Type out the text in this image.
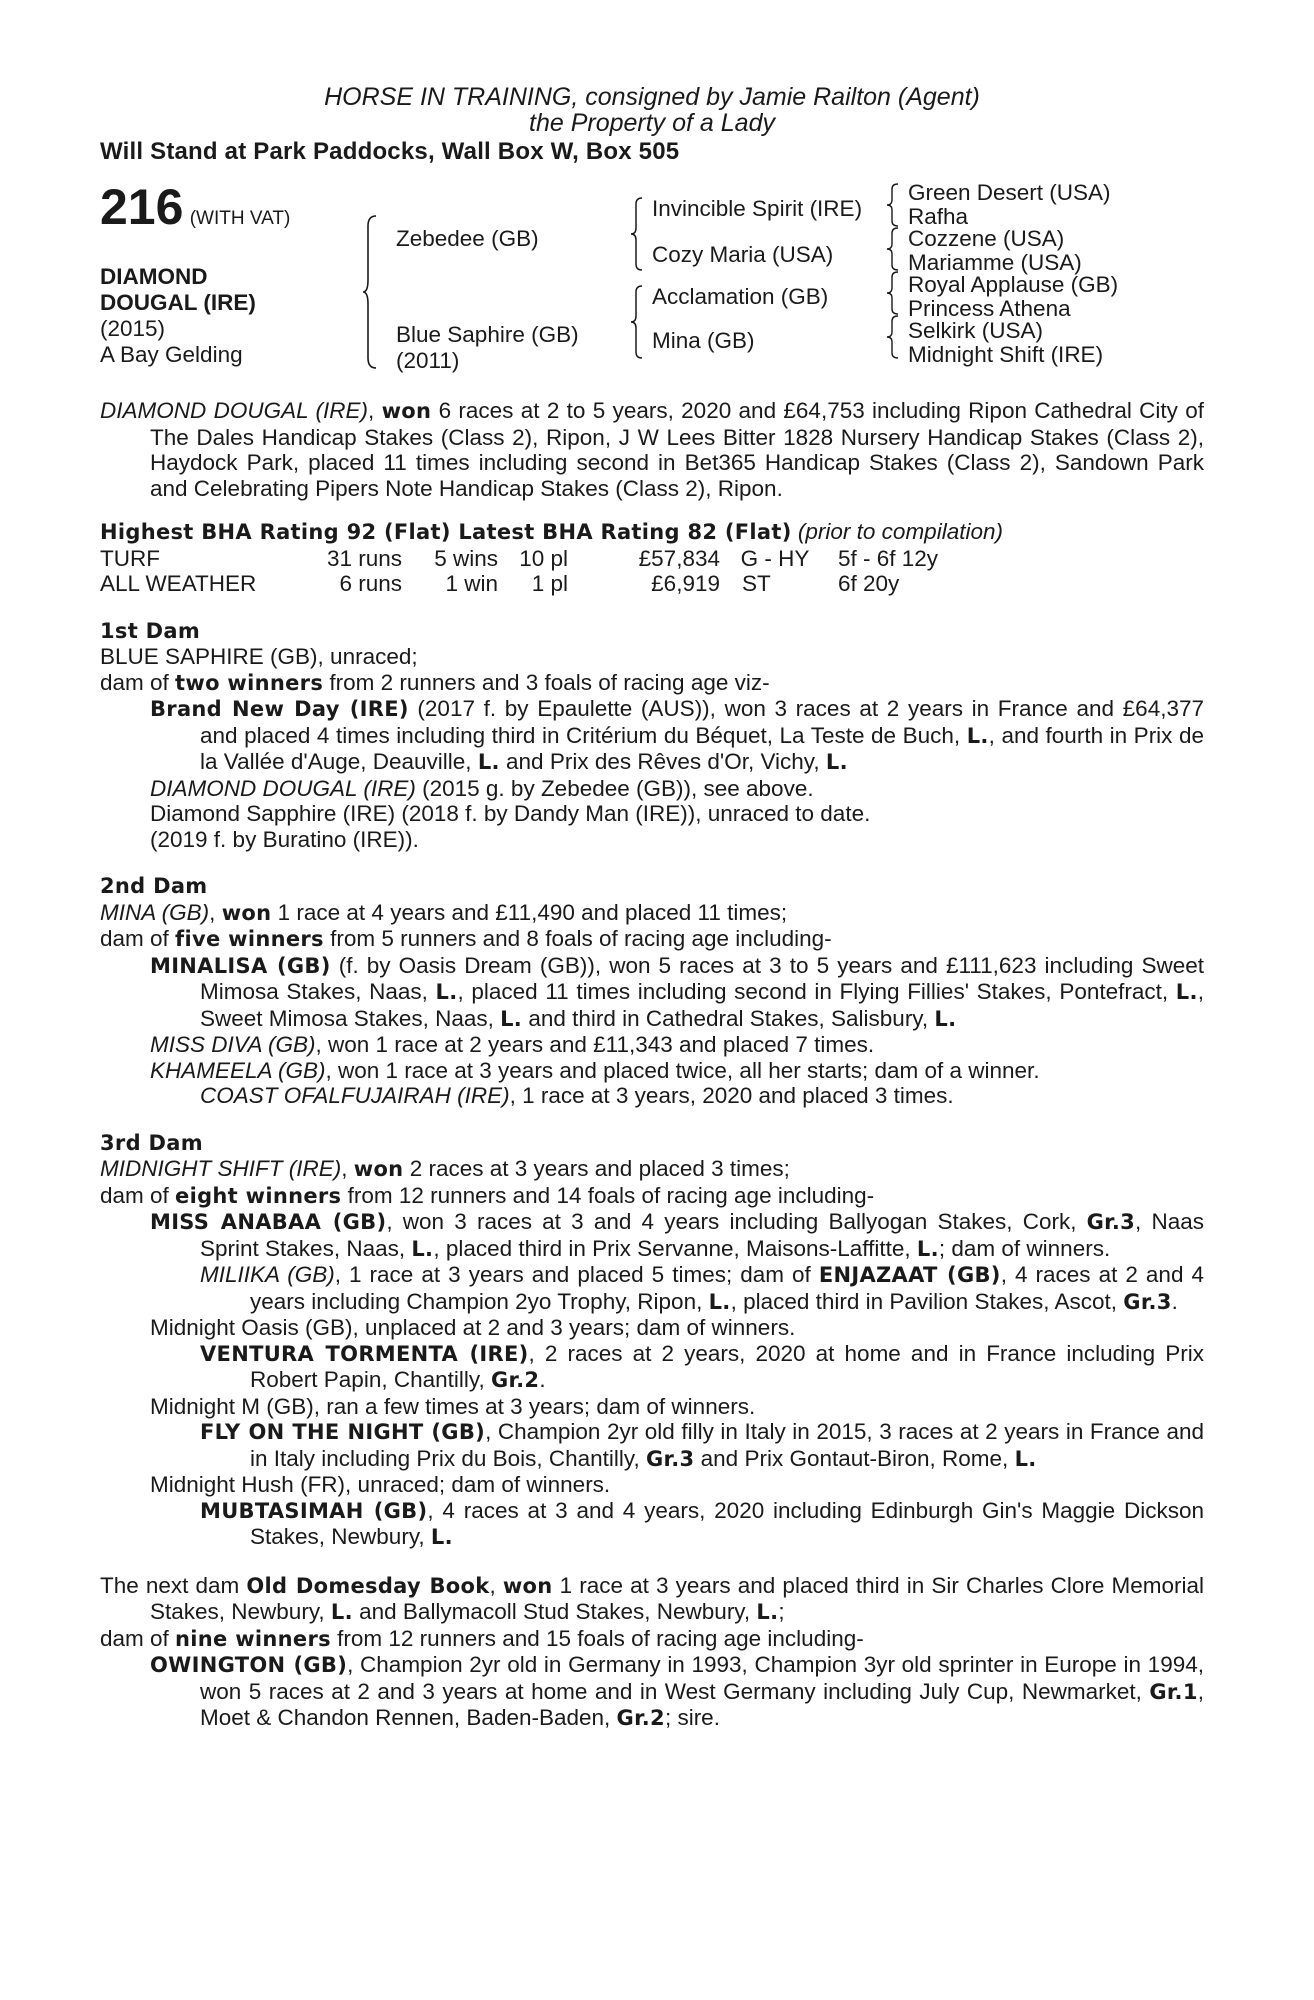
HORSE IN TRAINING, consigned by Jamie Railton (Agent)
the Property of a Lady
Will Stand at Park Paddocks, Wall Box W, Box 505
216 (WITH VAT)
DIAMOND
DOUGAL (IRE)
(2015)
A Bay Gelding
Zebedee (GB)
Blue Saphire (GB)
(2011)
Invincible Spirit (IRE)
Cozy Maria (USA)
Acclamation (GB)
Mina (GB)
Green Desert (USA)
Rafha
Cozzene (USA)
Mariamme (USA)
Royal Applause (GB)
Princess Athena
Selkirk (USA)
Midnight Shift (IRE)
DIAMOND DOUGAL (IRE), won 6 races at 2 to 5 years, 2020 and £64,753 including Ripon Cathedral City of The Dales Handicap Stakes (Class 2), Ripon, J W Lees Bitter 1828 Nursery Handicap Stakes (Class 2), Haydock Park, placed 11 times including second in Bet365 Handicap Stakes (Class 2), Sandown Park and Celebrating Pipers Note Handicap Stakes (Class 2), Ripon.
Highest BHA Rating 92 (Flat) Latest BHA Rating 82 (Flat) (prior to compilation)
TURF	31 runs	5 wins	10 pl	£57,834	G - HY	5f - 6f 12y
ALL WEATHER	6 runs	1 win	1 pl	£6,919	ST	6f 20y
1st Dam
BLUE SAPHIRE (GB), unraced;
dam of two winners from 2 runners and 3 foals of racing age viz-
Brand New Day (IRE) (2017 f. by Epaulette (AUS)), won 3 races at 2 years in France and £64,377 and placed 4 times including third in Critérium du Béquet, La Teste de Buch, L., and fourth in Prix de la Vallée d'Auge, Deauville, L. and Prix des Rêves d'Or, Vichy, L.
DIAMOND DOUGAL (IRE) (2015 g. by Zebedee (GB)), see above.
Diamond Sapphire (IRE) (2018 f. by Dandy Man (IRE)), unraced to date.
(2019 f. by Buratino (IRE)).
2nd Dam
MINA (GB), won 1 race at 4 years and £11,490 and placed 11 times;
dam of five winners from 5 runners and 8 foals of racing age including-
MINALISA (GB) (f. by Oasis Dream (GB)), won 5 races at 3 to 5 years and £111,623 including Sweet Mimosa Stakes, Naas, L., placed 11 times including second in Flying Fillies' Stakes, Pontefract, L., Sweet Mimosa Stakes, Naas, L. and third in Cathedral Stakes, Salisbury, L.
MISS DIVA (GB), won 1 race at 2 years and £11,343 and placed 7 times.
KHAMEELA (GB), won 1 race at 3 years and placed twice, all her starts; dam of a winner.
COAST OFALFUJAIRAH (IRE), 1 race at 3 years, 2020 and placed 3 times.
3rd Dam
MIDNIGHT SHIFT (IRE), won 2 races at 3 years and placed 3 times;
dam of eight winners from 12 runners and 14 foals of racing age including-
MISS ANABAA (GB), won 3 races at 3 and 4 years including Ballyogan Stakes, Cork, Gr.3, Naas Sprint Stakes, Naas, L., placed third in Prix Servanne, Maisons-Laffitte, L.; dam of winners.
MILIIKA (GB), 1 race at 3 years and placed 5 times; dam of ENJAZAAT (GB), 4 races at 2 and 4 years including Champion 2yo Trophy, Ripon, L., placed third in Pavilion Stakes, Ascot, Gr.3.
Midnight Oasis (GB), unplaced at 2 and 3 years; dam of winners.
VENTURA TORMENTA (IRE), 2 races at 2 years, 2020 at home and in France including Prix Robert Papin, Chantilly, Gr.2.
Midnight M (GB), ran a few times at 3 years; dam of winners.
FLY ON THE NIGHT (GB), Champion 2yr old filly in Italy in 2015, 3 races at 2 years in France and in Italy including Prix du Bois, Chantilly, Gr.3 and Prix Gontaut-Biron, Rome, L.
Midnight Hush (FR), unraced; dam of winners.
MUBTASIMAH (GB), 4 races at 3 and 4 years, 2020 including Edinburgh Gin's Maggie Dickson Stakes, Newbury, L.
The next dam Old Domesday Book, won 1 race at 3 years and placed third in Sir Charles Clore Memorial Stakes, Newbury, L. and Ballymacoll Stud Stakes, Newbury, L.;
dam of nine winners from 12 runners and 15 foals of racing age including-
OWINGTON (GB), Champion 2yr old in Germany in 1993, Champion 3yr old sprinter in Europe in 1994, won 5 races at 2 and 3 years at home and in West Germany including July Cup, Newmarket, Gr.1, Moet & Chandon Rennen, Baden-Baden, Gr.2; sire.
